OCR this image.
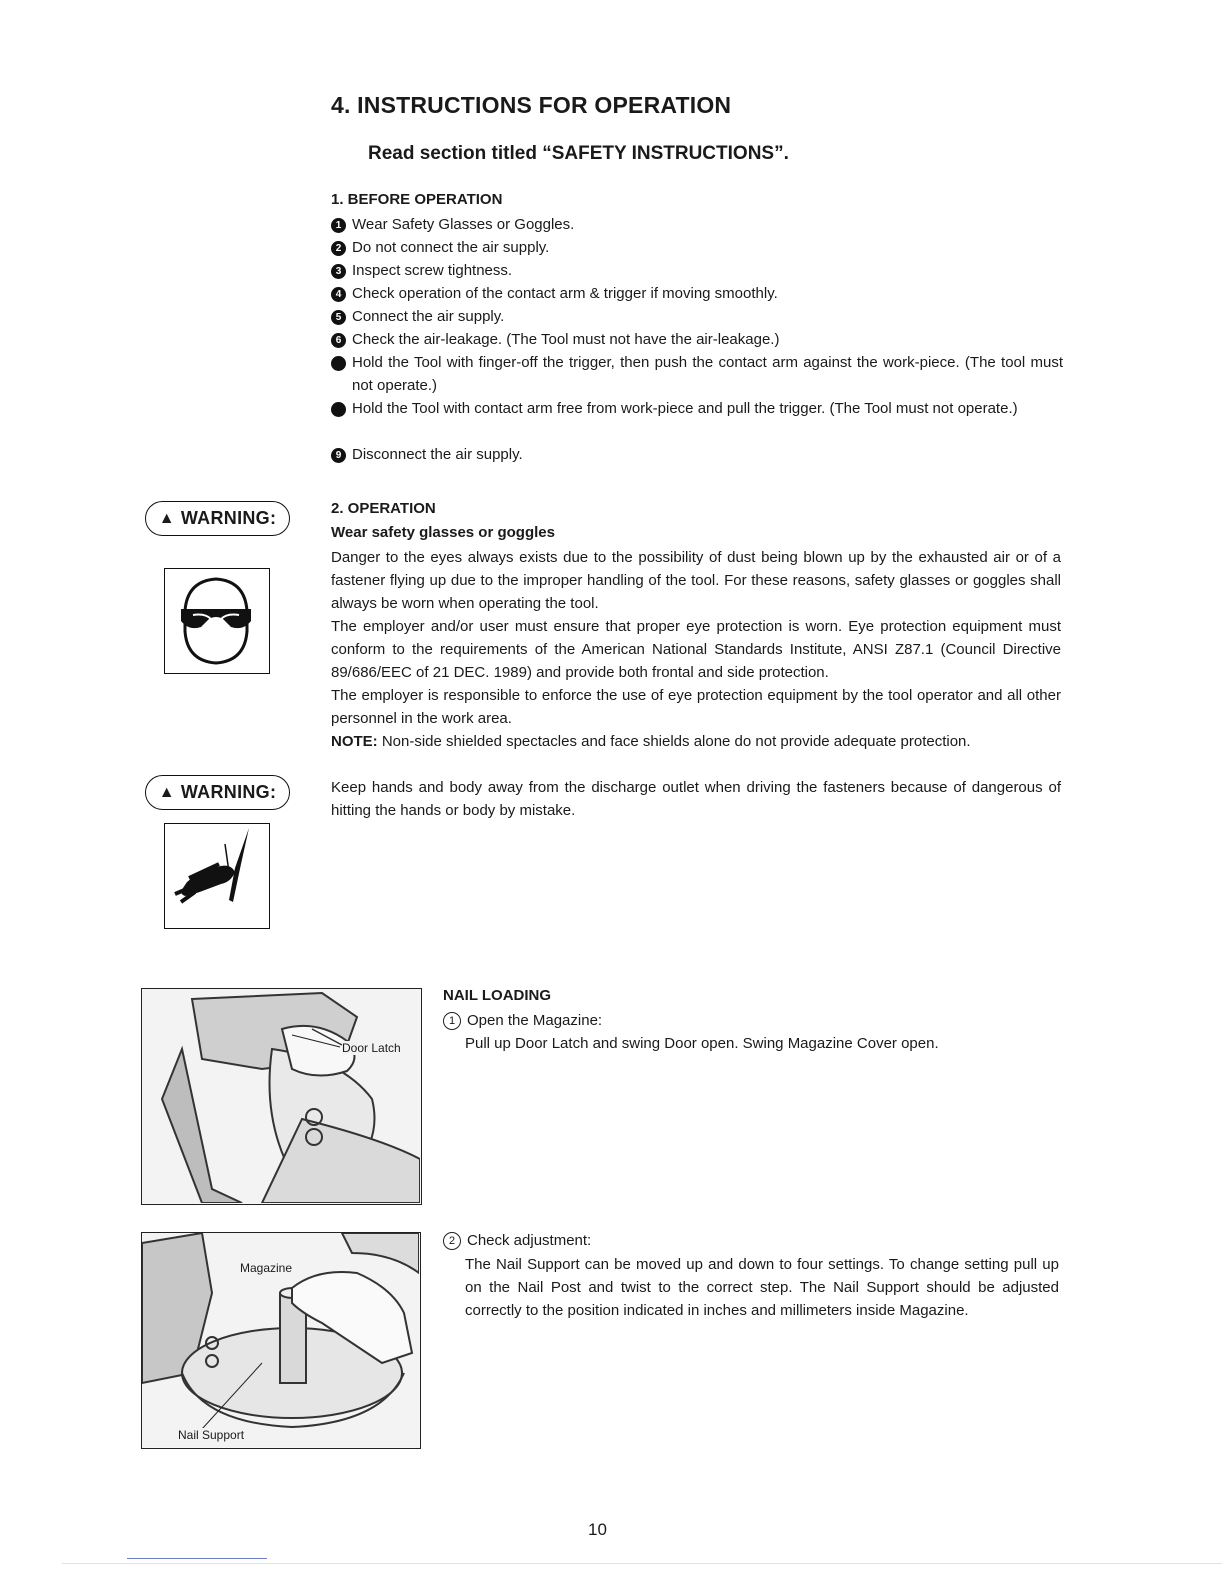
4. INSTRUCTIONS FOR OPERATION
Read section titled “SAFETY INSTRUCTIONS”.
1. BEFORE OPERATION
1 Wear Safety Glasses or Goggles.
2 Do not connect the air supply.
3 Inspect screw tightness.
4 Check operation of the contact arm & trigger if moving smoothly.
5 Connect the air supply.
6 Check the air-leakage. (The Tool must not have the air-leakage.)
7 Hold the Tool with finger-off the trigger, then push the contact arm against the work-piece. (The tool must not operate.)
8 Hold the Tool with contact arm free from work-piece and pull the trigger. (The Tool must not operate.)
9 Disconnect the air supply.
▲ WARNING:	2. OPERATION
Wear safety glasses or goggles
Danger to the eyes always exists due to the possibility of dust being blown up by the exhausted air or of a fastener flying up due to the improper handling of the tool. For these reasons, safety glasses or goggles shall always be worn when operating the tool.
The employer and/or user must ensure that proper eye protection is worn. Eye protection equipment must conform to the requirements of the American National Standards Institute, ANSI Z87.1 (Council Directive 89/686/EEC of 21 DEC. 1989) and provide both frontal and side protection.
The employer is responsible to enforce the use of eye protection equipment by the tool operator and all other personnel in the work area.
NOTE: Non-side shielded spectacles and face shields alone do not provide adequate protection.
▲ WARNING:	Keep hands and body away from the discharge outlet when driving the fasteners because of dangerous of hitting the hands or body by mistake.
Door Latch
NAIL LOADING
1 Open the Magazine:
Pull up Door Latch and swing Door open. Swing Magazine Cover open.
Magazine
Nail Support
2 Check adjustment:
The Nail Support can be moved up and down to four settings. To change setting pull up on the Nail Post and twist to the correct step. The Nail Support should be adjusted correctly to the position indicated in inches and millimeters inside Magazine.
10
